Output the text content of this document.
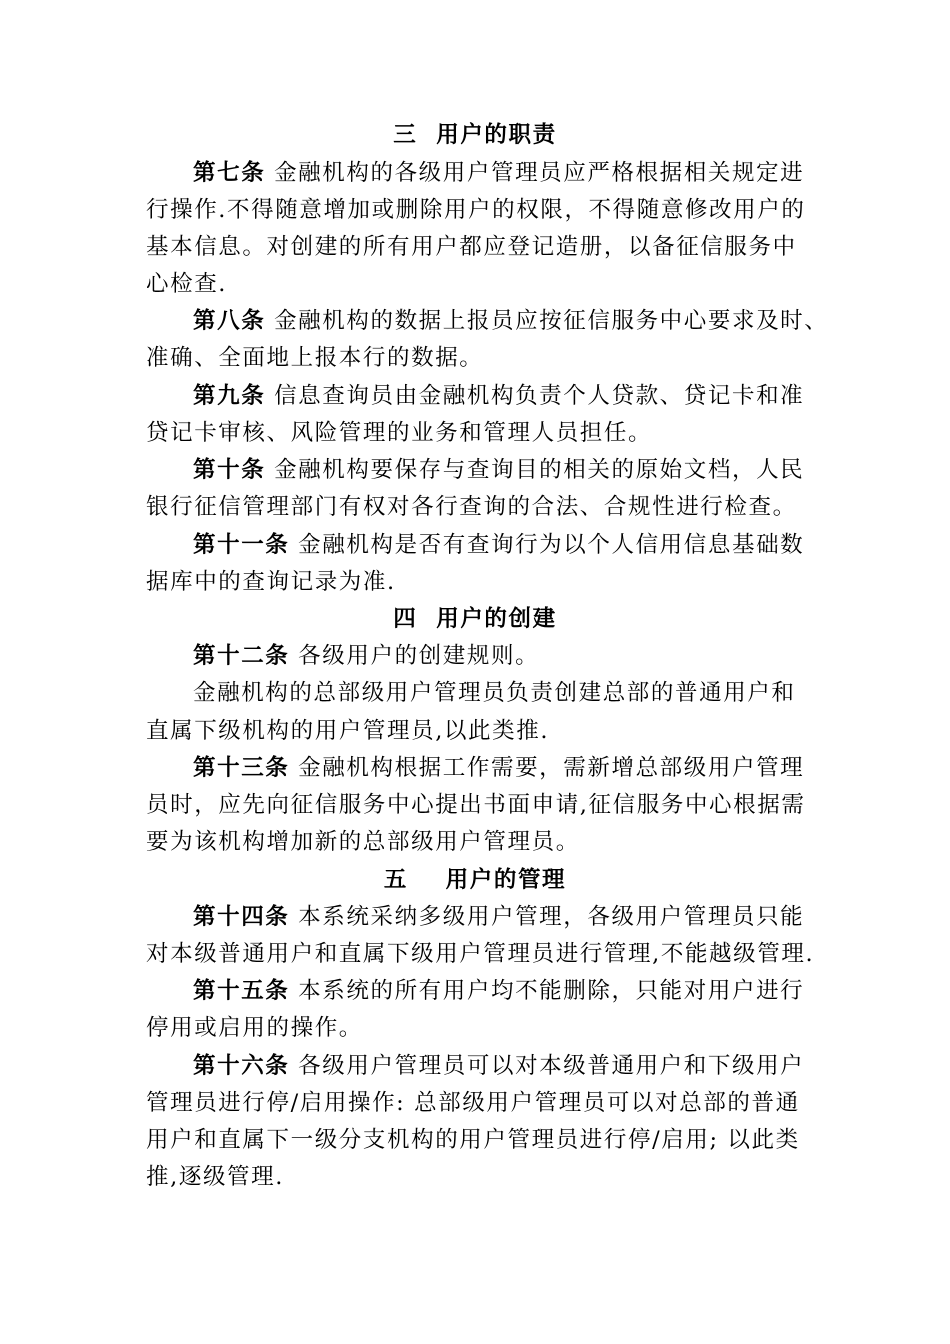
三  用户的职责
第七条 金融机构的各级用户管理员应严格根据相关规定进
行操作.不得随意增加或删除用户的权限，不得随意修改用户的
基本信息。对创建的所有用户都应登记造册，以备征信服务中
心检查.
第八条 金融机构的数据上报员应按征信服务中心要求及时、
准确、全面地上报本行的数据。
第九条 信息查询员由金融机构负责个人贷款、贷记卡和准
贷记卡审核、风险管理的业务和管理人员担任。
第十条 金融机构要保存与查询目的相关的原始文档，人民
银行征信管理部门有权对各行查询的合法、合规性进行检查。
第十一条 金融机构是否有查询行为以个人信用信息基础数
据库中的查询记录为准.
四  用户的创建
第十二条 各级用户的创建规则。
金融机构的总部级用户管理员负责创建总部的普通用户和
直属下级机构的用户管理员,以此类推.
第十三条 金融机构根据工作需要，需新增总部级用户管理
员时，应先向征信服务中心提出书面申请,征信服务中心根据需
要为该机构增加新的总部级用户管理员。
五    用户的管理
第十四条 本系统采纳多级用户管理，各级用户管理员只能
对本级普通用户和直属下级用户管理员进行管理,不能越级管理.
第十五条 本系统的所有用户均不能删除，只能对用户进行
停用或启用的操作。
第十六条 各级用户管理员可以对本级普通用户和下级用户
管理员进行停/启用操作: 总部级用户管理员可以对总部的普通
用户和直属下一级分支机构的用户管理员进行停/启用; 以此类
推,逐级管理.
